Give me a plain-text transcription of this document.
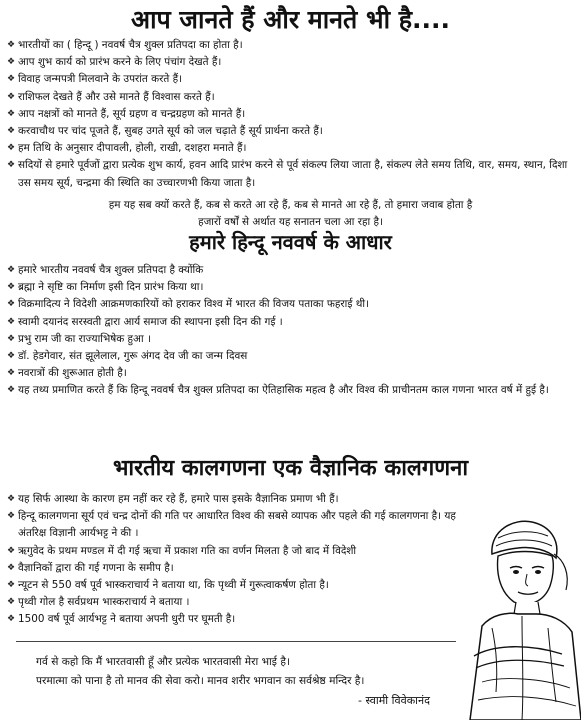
आप जानते हैं और मानते भी है....
❖ भारतीयों का ( हिन्दू ) नववर्ष चैत्र शुक्ल प्रतिपदा का होता है।
❖ आप शुभ कार्य को प्रारंभ करने के लिए पंचांग देखते हैं।
❖ विवाह जन्मपत्री मिलवाने के उपरांत करते हैं।
❖ राशिफल देखते हैं और उसे मानते हैं विश्वास करते हैं।
❖ आप नक्षत्रों को मानते हैं, सूर्य ग्रहण व चन्द्रग्रहण को मानते हैं।
❖ करवाचौथ पर चांद पूजते हैं, सुबह उगते सूर्य को जल चढ़ाते हैं सूर्य प्रार्थना करते हैं।
❖ हम तिथि के अनुसार दीपावली, होली, राखी, दशहरा मनाते हैं।
❖ सदियों से हमारे पूर्वजों द्वारा प्रत्येक शुभ कार्य, हवन आदि प्रारंभ करने से पूर्व संकल्प लिया जाता है, संकल्प लेते समय तिथि, वार, समय, स्थान, दिशा उस समय सूर्य, चन्द्रमा की स्थिति का उच्चारणभी किया जाता है।

हम यह सब क्यों करते हैं, कब से करते आ रहे हैं, कब से मानते आ रहे हैं, तो हमारा जवाब होता है
हजारों वर्षों से अर्थात यह सनातन चला आ रहा है।

हमारे हिन्दू नववर्ष के आधार
❖ हमारे भारतीय नववर्ष चैत्र शुक्ल प्रतिपदा है क्योंकि
❖ ब्रह्मा ने सृष्टि का निर्माण इसी दिन प्रारंभ किया था।
❖ विक्रमादित्य ने विदेशी आक्रमणकारियों को हराकर विश्व में भारत की विजय पताका फहराई थी।
❖ स्वामी दयानंद सरस्वती द्वारा आर्य समाज की स्थापना इसी दिन की गई ।
❖ प्रभु राम जी का राज्याभिषेक हुआ ।
❖ डॉ. हेडगेवार, संत झूलेलाल, गुरू अंगद देव जी का जन्म दिवस
❖ नवरात्रों की शुरूआत होती है।
❖ यह तथ्य प्रमाणित करते हैं कि हिन्दू नववर्ष चैत्र शुक्ल प्रतिपदा का ऐतिहासिक महत्व है और विश्व की प्राचीनतम काल गणना भारत वर्ष में हुई है।
भारतीय कालगणना एक वैज्ञानिक कालगणना
❖ यह सिर्फ आस्था के कारण हम नहीं कर रहे हैं, हमारे पास इसके वैज्ञानिक प्रमाण भी हैं।
❖ हिन्दू कालगणना सूर्य एवं चन्द्र दोनों की गति पर आधारित विश्व की सबसे व्यापक और पहले की गई कालगणना है। यह अंतरिक्ष विज्ञानी आर्यभट्ट ने की ।
❖ ऋगुवेद के प्रथम मण्डल में दी गई ऋचा में प्रकाश गति का वर्णन मिलता है जो बाद में विदेशी
❖ वैज्ञानिकों द्वारा की गई गणना के समीप है।
❖ न्यूटन से 550 वर्ष पूर्व भास्कराचार्य ने बताया था, कि पृथ्वी में गुरूत्वाकर्षण होता है।
❖ पृथ्वी गोल है सर्वप्रथम भास्कराचार्य ने बताया ।
❖ 1500 वर्ष पूर्व आर्यभट्ट ने बताया अपनी धुरी पर घूमती है।
गर्व से कहो कि मैं भारतवासी हूँ और प्रत्येक भारतवासी मेरा भाई है।
परमात्मा को पाना है तो मानव की सेवा करो। मानव शरीर भगवान का सर्वश्रेष्ठ मन्दिर है।
- स्वामी विवेकानंद
